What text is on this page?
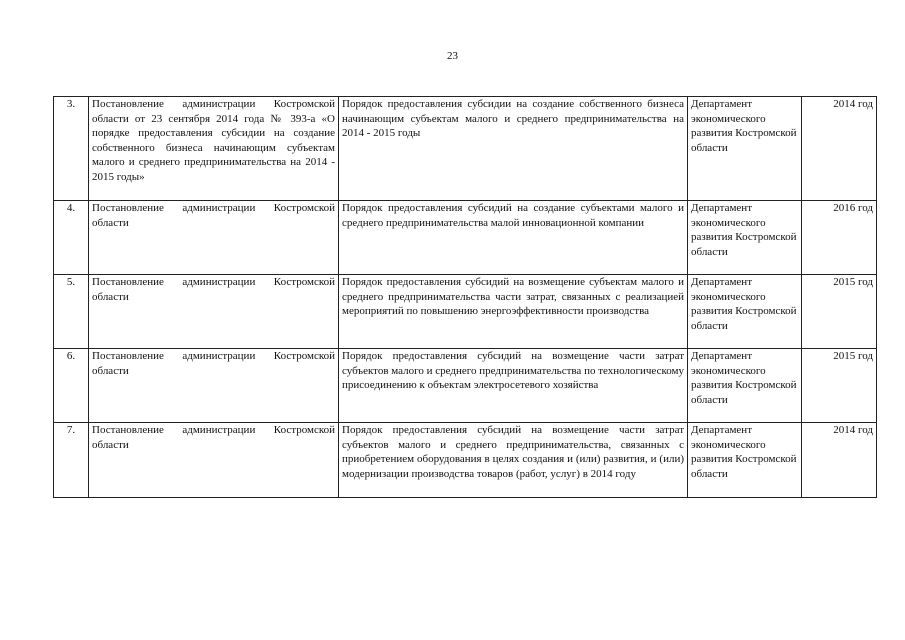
23
3.	Постановление администрации Костромской области от 23 сентября 2014 года № 393-а «О порядке предоставления субсидии на создание собственного бизнеса начинающим субъектам малого и среднего предпринимательства на 2014 - 2015 годы»	Порядок предоставления субсидии на создание собственного бизнеса начинающим субъектам малого и среднего предпринимательства на 2014 - 2015 годы	Департамент экономического развития Костромской области	2014 год
4.	Постановление администрации Костромской области	Порядок предоставления субсидий на создание субъектами малого и среднего предпринимательства малой инновационной компании	Департамент экономического развития Костромской области	2016 год
5.	Постановление администрации Костромской области	Порядок предоставления субсидий на возмещение субъектам малого и среднего предпринимательства части затрат, связанных с реализацией мероприятий по повышению энергоэффективности производства	Департамент экономического развития Костромской области	2015 год
6.	Постановление администрации Костромской области	Порядок предоставления субсидий на возмещение части затрат субъектов малого и среднего предпринимательства по технологическому присоединению к объектам электросетевого хозяйства	Департамент экономического развития Костромской области	2015 год
7.	Постановление администрации Костромской области	Порядок предоставления субсидий на возмещение части затрат субъектов малого и среднего предпринимательства, связанных с приобретением оборудования в целях создания и (или) развития, и (или) модернизации производства товаров (работ, услуг) в 2014 году	Департамент экономического развития Костромской области	2014 год
